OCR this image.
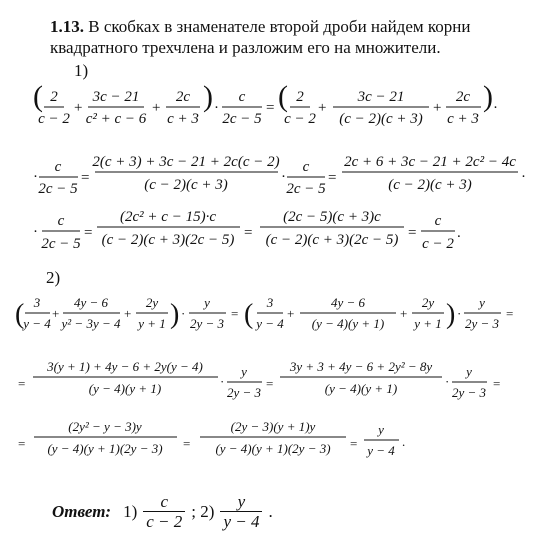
1.13. В скобках в знаменателе второй дроби найдем корни квадратного трехчлена и разложим его на множители.
1)
2)
( 2
c − 2
+
3c − 21
c² + c − 6
+
2c
c + 3
) ·
c
2c − 5
= ( 2
c − 2
+
3c − 21
(c − 2)(c + 3)
+
2c
c + 3
) ·
·
c
2c − 5
=
2(c + 3) + 3c − 21 + 2c(c − 2)
(c − 2)(c + 3)	·
c
2c − 5
=
2c + 6 + 3c − 21 + 2c² − 4c
(c − 2)(c + 3)	·
·
c
2c − 5
=
(2c² + c − 15)·c
(c − 2)(c + 3)(2c − 5) =
(2c − 5)(c + 3)c
(c − 2)(c + 3)(2c − 5) =
c
c − 2
.
( 3
y − 4
+
4y − 6
y² − 3y − 4
+
2y
y + 1 ) ·
y
2y − 3
= ( 3
y − 4
+
4y − 6
(y − 4)(y + 1)
+
2y
y + 1 ) ·
y
2y − 3
=
=
3(y + 1) + 4y − 6 + 2y(y − 4)
(y − 4)(y + 1)	·
y
2y − 3
=
3y + 3 + 4y − 6 + 2y² − 8y
(y − 4)(y + 1)	·
y
2y − 3
=
=
(2y² − y − 3)y
(y − 4)(y + 1)(2y − 3) =
(2y − 3)(y + 1)y
(y − 4)(y + 1)(2y − 3) =
y
y − 4
.
Ответ: $1) \frac{c}{c - 2}$ ; $2) \frac{y}{y - 4}$ .
